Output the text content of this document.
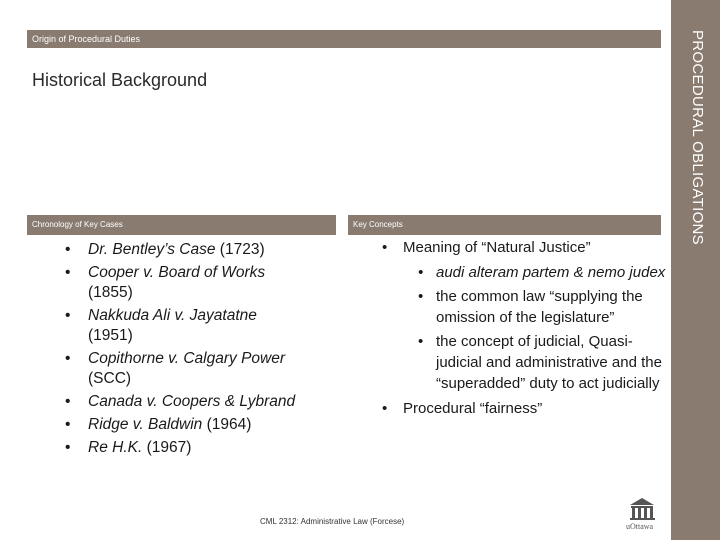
PROCEDURAL OBLIGATIONS
Origin of Procedural Duties
Historical Background
Chronology of Key Cases	Key Concepts
• Dr. Bentley’s Case (1723)
• Cooper v. Board of Works (1855)
• Nakkuda Ali v. Jayatatne (1951)
• Copithorne v. Calgary Power (SCC)
• Canada v. Coopers & Lybrand
• Ridge v. Baldwin (1964)
• Re H.K. (1967)
• Meaning of “Natural Justice”
• audi alteram partem & nemo judex
• the common law “supplying the omission of the legislature”
• the concept of judicial, Quasi-judicial and administrative and the “superadded” duty to act judicially
• Procedural “fairness”
CML 2312: Administrative Law (Forcese)
uOttawa
